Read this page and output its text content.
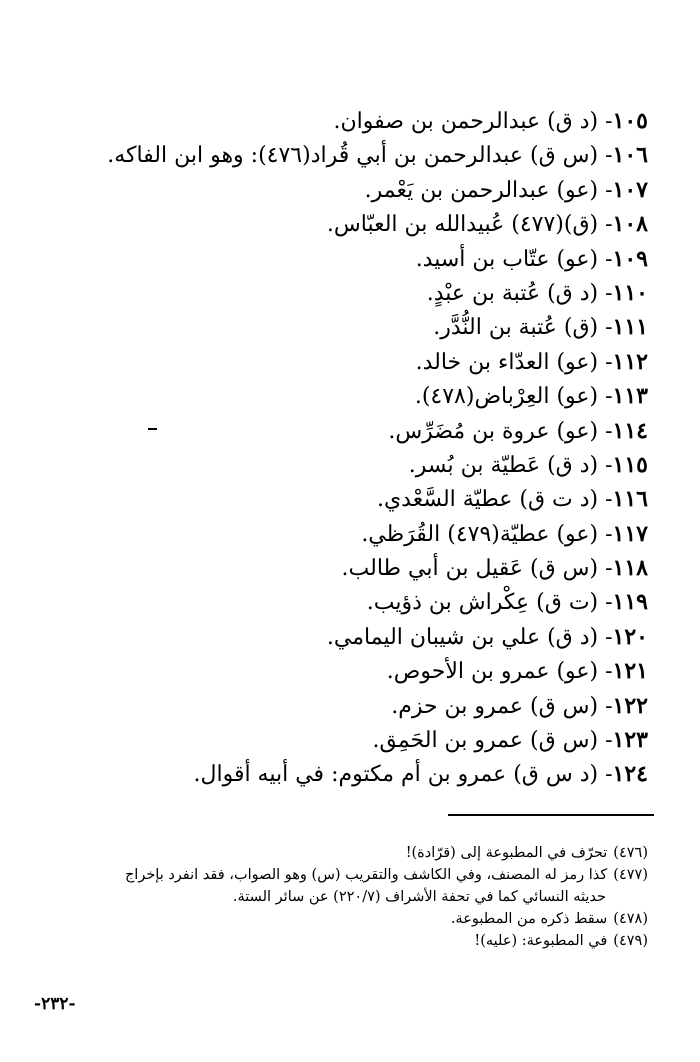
١٠٥- (د ق) عبدالرحمن بن صفوان.
١٠٦- (س ق) عبدالرحمن بن أبي قُراد(٤٧٦): وهو ابن الفاكه.
١٠٧- (عو) عبدالرحمن بن يَعْمر.
١٠٨- (ق)(٤٧٧) عُبيدالله بن العبّاس.
١٠٩- (عو) عتّاب بن أسيد.
١١٠- (د ق) عُتبة بن عبْدٍ.
١١١- (ق) عُتبة بن النُّدَّر.
١١٢- (عو) العدّاء بن خالد.
١١٣- (عو) العِرْباض(٤٧٨).
١١٤- (عو) عروة بن مُضَرِّس.
١١٥- (د ق) عَطيّة بن بُسر.
١١٦- (د ت ق) عطيّة السَّعْدي.
١١٧- (عو) عطيّة(٤٧٩) القُرَظي.
١١٨- (س ق) عَقيل بن أبي طالب.
١١٩- (ت ق) عِكْراش بن ذؤيب.
١٢٠- (د ق) علي بن شيبان اليمامي.
١٢١- (عو) عمرو بن الأحوص.
١٢٢- (س ق) عمرو بن حزم.
١٢٣- (س ق) عمرو بن الحَمِق.
١٢٤- (د س ق) عمرو بن أم مكتوم: في أبيه أقوال.
(٤٧٦)تحرّف في المطبوعة إلى (قرّادة)!
(٤٧٧)كذا رمز له المصنف، وفي الكاشف والتقريب (س) وهو الصواب، فقد انفرد بإخراج
حديثه النسائي كما في تحفة الأشراف (٢٢٠/٧) عن سائر الستة.
(٤٧٨)سقط ذكره من المطبوعة.
(٤٧٩)في المطبوعة: (عليه)!
-٢٣٢-
